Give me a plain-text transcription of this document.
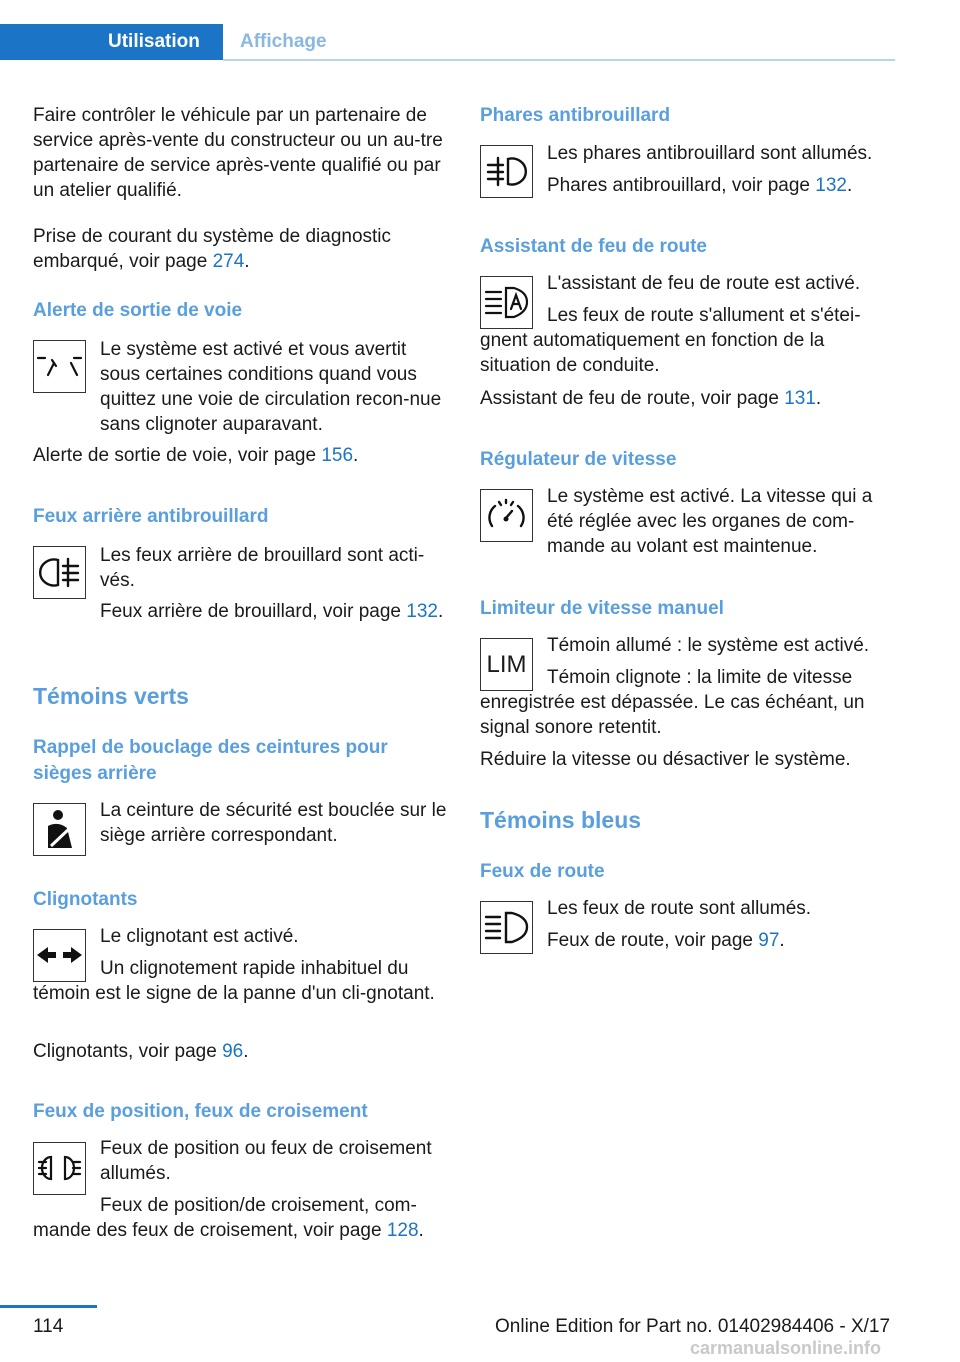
Utilisation Affichage

Faire contrôler le véhicule par un partenaire de service après-vente du constructeur ou un au-tre partenaire de service après-vente qualifié ou par un atelier qualifié.

Prise de courant du système de diagnostic embarqué, voir page 274.

Alerte de sortie de voie

Le système est activé et vous avertit sous certaines conditions quand vous quittez une voie de circulation recon-nue sans clignoter auparavant.

Alerte de sortie de voie, voir page 156.

Feux arrière antibrouillard

Les feux arrière de brouillard sont acti-vés.

Feux arrière de brouillard, voir page 132.

Témoins verts
Rappel de bouclage des ceintures pour sièges arrière

La ceinture de sécurité est bouclée sur le siège arrière correspondant.

Clignotants

Le clignotant est activé.

Un clignotement rapide inhabituel du témoin est le signe de la panne d'un cli-gnotant.

Clignotants, voir page 96.

Feux de position, feux de croisement

Feux de position ou feux de croisement allumés.

Feux de position/de croisement, com-mande des feux de croisement, voir page 128.

Phares antibrouillard

Les phares antibrouillard sont allumés.

Phares antibrouillard, voir page 132.

Assistant de feu de route

L'assistant de feu de route est activé.

Les feux de route s'allument et s'étei-gnent automatiquement en fonction de la situation de conduite.

Assistant de feu de route, voir page 131.

Régulateur de vitesse

Le système est activé. La vitesse qui a été réglée avec les organes de com-mande au volant est maintenue.

Limiteur de vitesse manuel
LIM

Témoin allumé : le système est activé.

Témoin clignote : la limite de vitesse enregistrée est dépassée. Le cas échéant, un signal sonore retentit.

Réduire la vitesse ou désactiver le système.

Témoins bleus
Feux de route

Les feux de route sont allumés.

Feux de route, voir page 97.

114	Online Edition for Part no. 01402984406 - X/17
carmanualsonline.info
